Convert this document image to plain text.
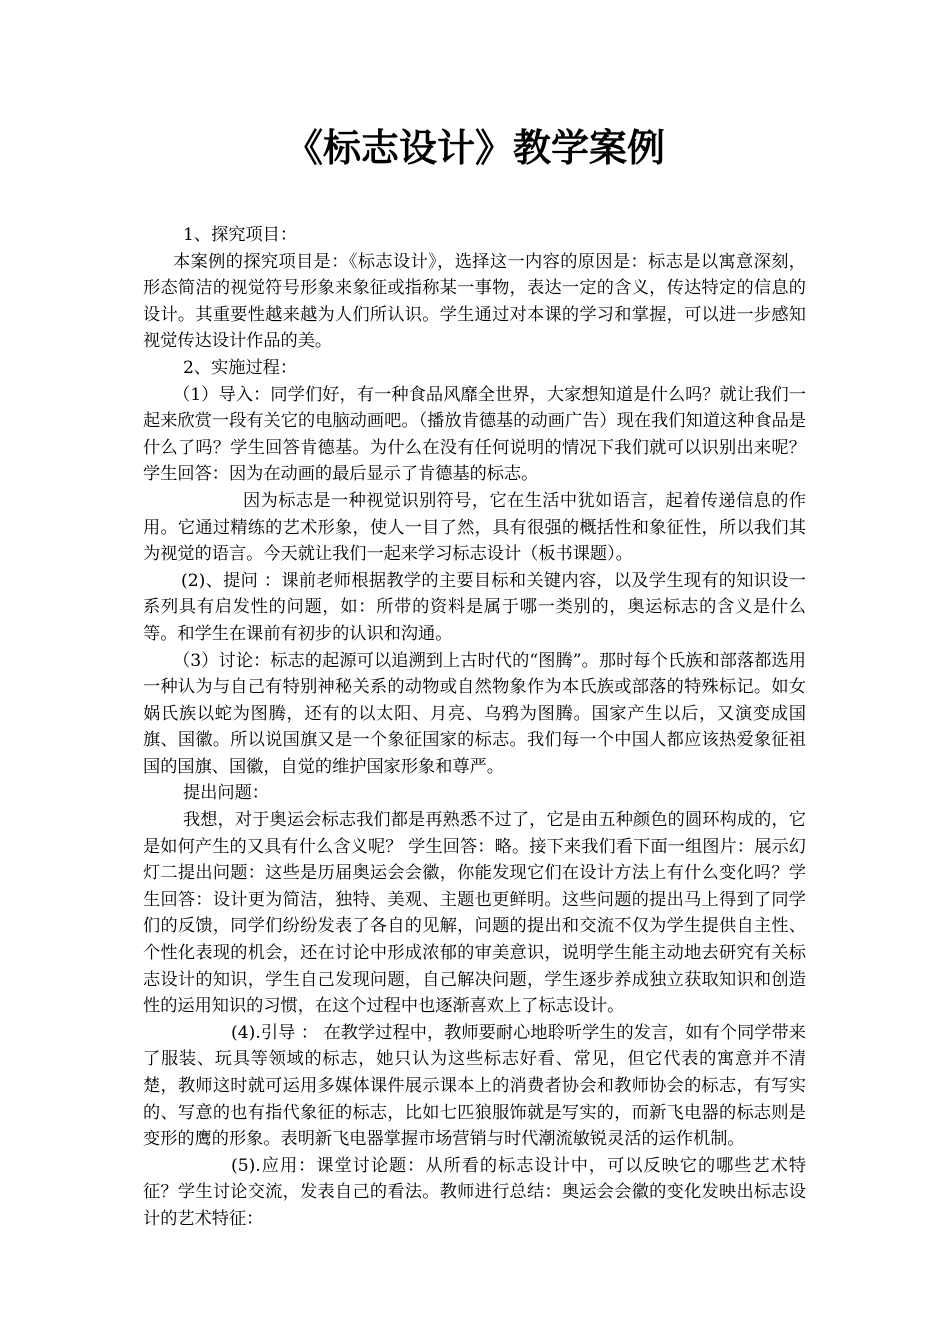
《标志设计》教学案例

1、探究项目：

本案例的探究项目是：《标志设计》，选择这一内容的原因是：标志是以寓意深刻，形态简洁的视觉符号形象来象征或指称某一事物，表达一定的含义，传达特定的信息的设计。其重要性越来越为人们所认识。学生通过对本课的学习和掌握，可以进一步感知视觉传达设计作品的美。

2、实施过程：

（1）导入：同学们好，有一种食品风靡全世界，大家想知道是什么吗？就让我们一起来欣赏一段有关它的电脑动画吧。（播放肯德基的动画广告）现在我们知道这种食品是什么了吗？学生回答肯德基。为什么在没有任何说明的情况下我们就可以识别出来呢？学生回答：因为在动画的最后显示了肯德基的标志。

因为标志是一种视觉识别符号，它在生活中犹如语言，起着传递信息的作用。它通过精练的艺术形象，使人一目了然，具有很强的概括性和象征性，所以我们其为视觉的语言。今天就让我们一起来学习标志设计（板书课题）。

(2)、提问 ：课前老师根据教学的主要目标和关键内容，以及学生现有的知识设一系列具有启发性的问题，如：所带的资料是属于哪一类别的，奥运标志的含义是什么等。和学生在课前有初步的认识和沟通。

（3）讨论：标志的起源可以追溯到上古时代的“图腾”。那时每个氏族和部落都选用一种认为与自己有特别神秘关系的动物或自然物象作为本氏族或部落的特殊标记。如女娲氏族以蛇为图腾，还有的以太阳、月亮、乌鸦为图腾。国家产生以后，又演变成国旗、国徽。所以说国旗又是一个象征国家的标志。我们每一个中国人都应该热爱象征祖国的国旗、国徽，自觉的维护国家形象和尊严。

提出问题：

我想，对于奥运会标志我们都是再熟悉不过了，它是由五种颜色的圆环构成的，它是如何产生的又具有什么含义呢？ 学生回答：略。接下来我们看下面一组图片：展示幻灯二提出问题：这些是历届奥运会会徽，你能发现它们在设计方法上有什么变化吗？学生回答：设计更为简洁，独特、美观、主题也更鲜明。这些问题的提出马上得到了同学们的反馈，同学们纷纷发表了各自的见解，问题的提出和交流不仅为学生提供自主性、个性化表现的机会，还在讨论中形成浓郁的审美意识，说明学生能主动地去研究有关标志设计的知识，学生自己发现问题，自己解决问题，学生逐步养成独立获取知识和创造性的运用知识的习惯，在这个过程中也逐渐喜欢上了标志设计。

(4).引导 ： 在教学过程中，教师要耐心地聆听学生的发言，如有个同学带来了服装、玩具等领域的标志，她只认为这些标志好看、常见，但它代表的寓意并不清楚，教师这时就可运用多媒体课件展示课本上的消费者协会和教师协会的标志，有写实的、写意的也有指代象征的标志，比如七匹狼服饰就是写实的，而新飞电器的标志则是变形的鹰的形象。表明新飞电器掌握市场营销与时代潮流敏锐灵活的运作机制。

(5).应用：课堂讨论题：从所看的标志设计中，可以反映它的哪些艺术特征？学生讨论交流，发表自己的看法。教师进行总结：奥运会会徽的变化发映出标志设计的艺术特征：
